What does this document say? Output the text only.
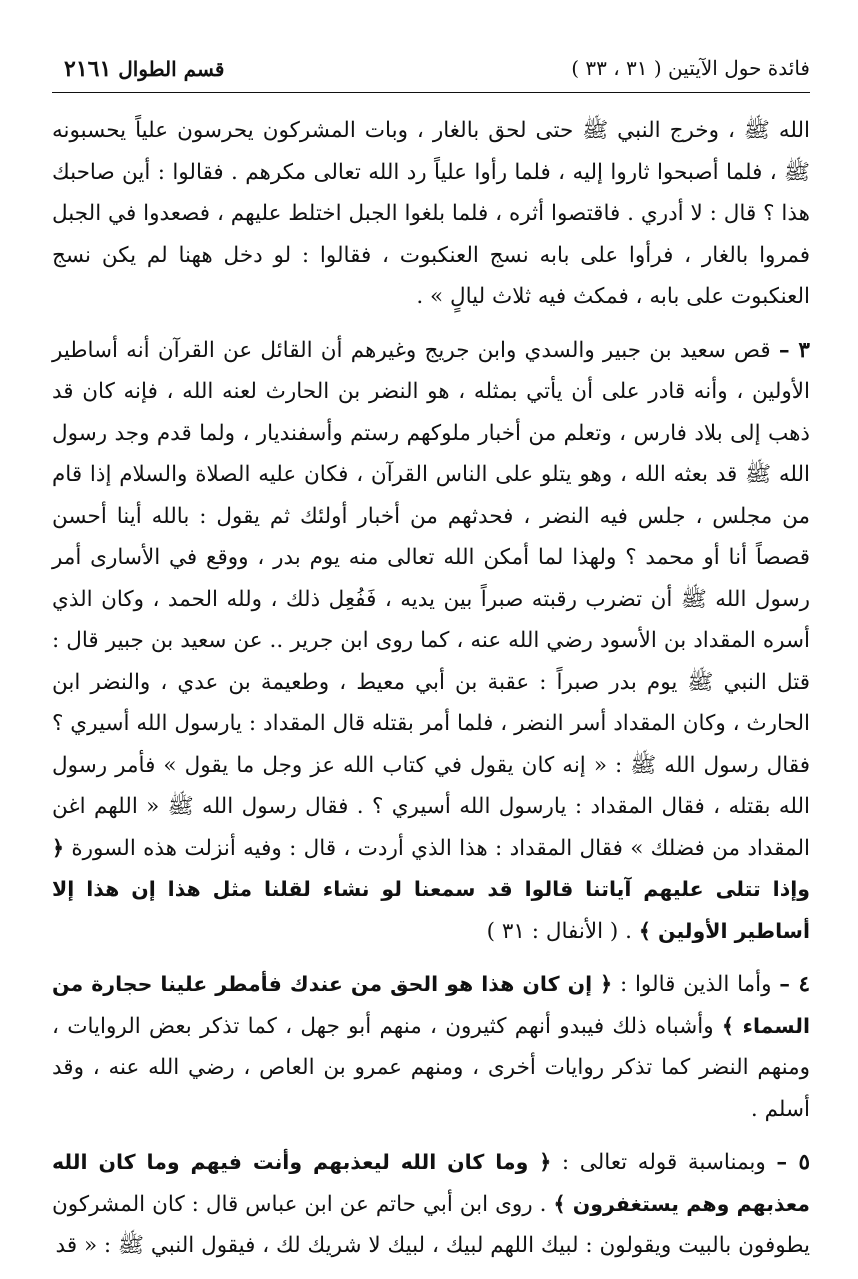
فائدة حول الآيتين ( ٣١ ، ٣٣ )
قسم الطوال ٢١٦١

الله ﷺ ، وخرج النبي ﷺ حتى لحق بالغار ، وبات المشركون يحرسون علياً يحسبونه ﷺ ، فلما أصبحوا ثاروا إليه ، فلما رأوا علياً رد الله تعالى مكرهم . فقالوا : أين صاحبك هذا ؟ قال : لا أدري . فاقتصوا أثره ، فلما بلغوا الجبل اختلط عليهم ، فصعدوا في الجبل فمروا بالغار ، فرأوا على بابه نسج العنكبوت ، فقالوا : لو دخل ههنا لم يكن نسج العنكبوت على بابه ، فمكث فيه ثلاث ليالٍ » .

٣ – قص سعيد بن جبير والسدي وابن جريج وغيرهم أن القائل عن القرآن أنه أساطير الأولين ، وأنه قادر على أن يأتي بمثله ، هو النضر بن الحارث لعنه الله ، فإنه كان قد ذهب إلى بلاد فارس ، وتعلم من أخبار ملوكهم رستم وأسفنديار ، ولما قدم وجد رسول الله ﷺ قد بعثه الله ، وهو يتلو على الناس القرآن ، فكان عليه الصلاة والسلام إذا قام من مجلس ، جلس فيه النضر ، فحدثهم من أخبار أولئك ثم يقول : بالله أينا أحسن قصصاً أنا أو محمد ؟ ولهذا لما أمكن الله تعالى منه يوم بدر ، ووقع في الأسارى أمر رسول الله ﷺ أن تضرب رقبته صبراً بين يديه ، فَفُعِل ذلك ، ولله الحمد ، وكان الذي أسره المقداد بن الأسود رضي الله عنه ، كما روى ابن جرير .. عن سعيد بن جبير قال : قتل النبي ﷺ يوم بدر صبراً : عقبة بن أبي معيط ، وطعيمة بن عدي ، والنضر ابن الحارث ، وكان المقداد أسر النضر ، فلما أمر بقتله قال المقداد : يارسول الله أسيري ؟ فقال رسول الله ﷺ : « إنه كان يقول في كتاب الله عز وجل ما يقول » فأمر رسول الله بقتله ، فقال المقداد : يارسول الله أسيري ؟ . فقال رسول الله ﷺ « اللهم اغن المقداد من فضلك » فقال المقداد : هذا الذي أردت ، قال : وفيه أنزلت هذه السورة ﴿ وإذا تتلى عليهم آياتنا قالوا قد سمعنا لو نشاء لقلنا مثل هذا إن هذا إلا أساطير الأولين ﴾ . ( الأنفال : ٣١ )

٤ – وأما الذين قالوا : ﴿ إن كان هذا هو الحق من عندك فأمطر علينا حجارة من السماء ﴾ وأشباه ذلك فيبدو أنهم كثيرون ، منهم أبو جهل ، كما تذكر بعض الروايات ، ومنهم النضر كما تذكر روايات أخرى ، ومنهم عمرو بن العاص ، رضي الله عنه ، وقد أسلم .

٥ – وبمناسبة قوله تعالى : ﴿ وما كان الله ليعذبهم وأنت فيهم وما كان الله معذبهم وهم يستغفرون ﴾ . روى ابن أبي حاتم عن ابن عباس قال : كان المشركون يطوفون بالبيت ويقولون : لبيك اللهم لبيك ، لبيك لا شريك لك ، فيقول النبي ﷺ : « قد
